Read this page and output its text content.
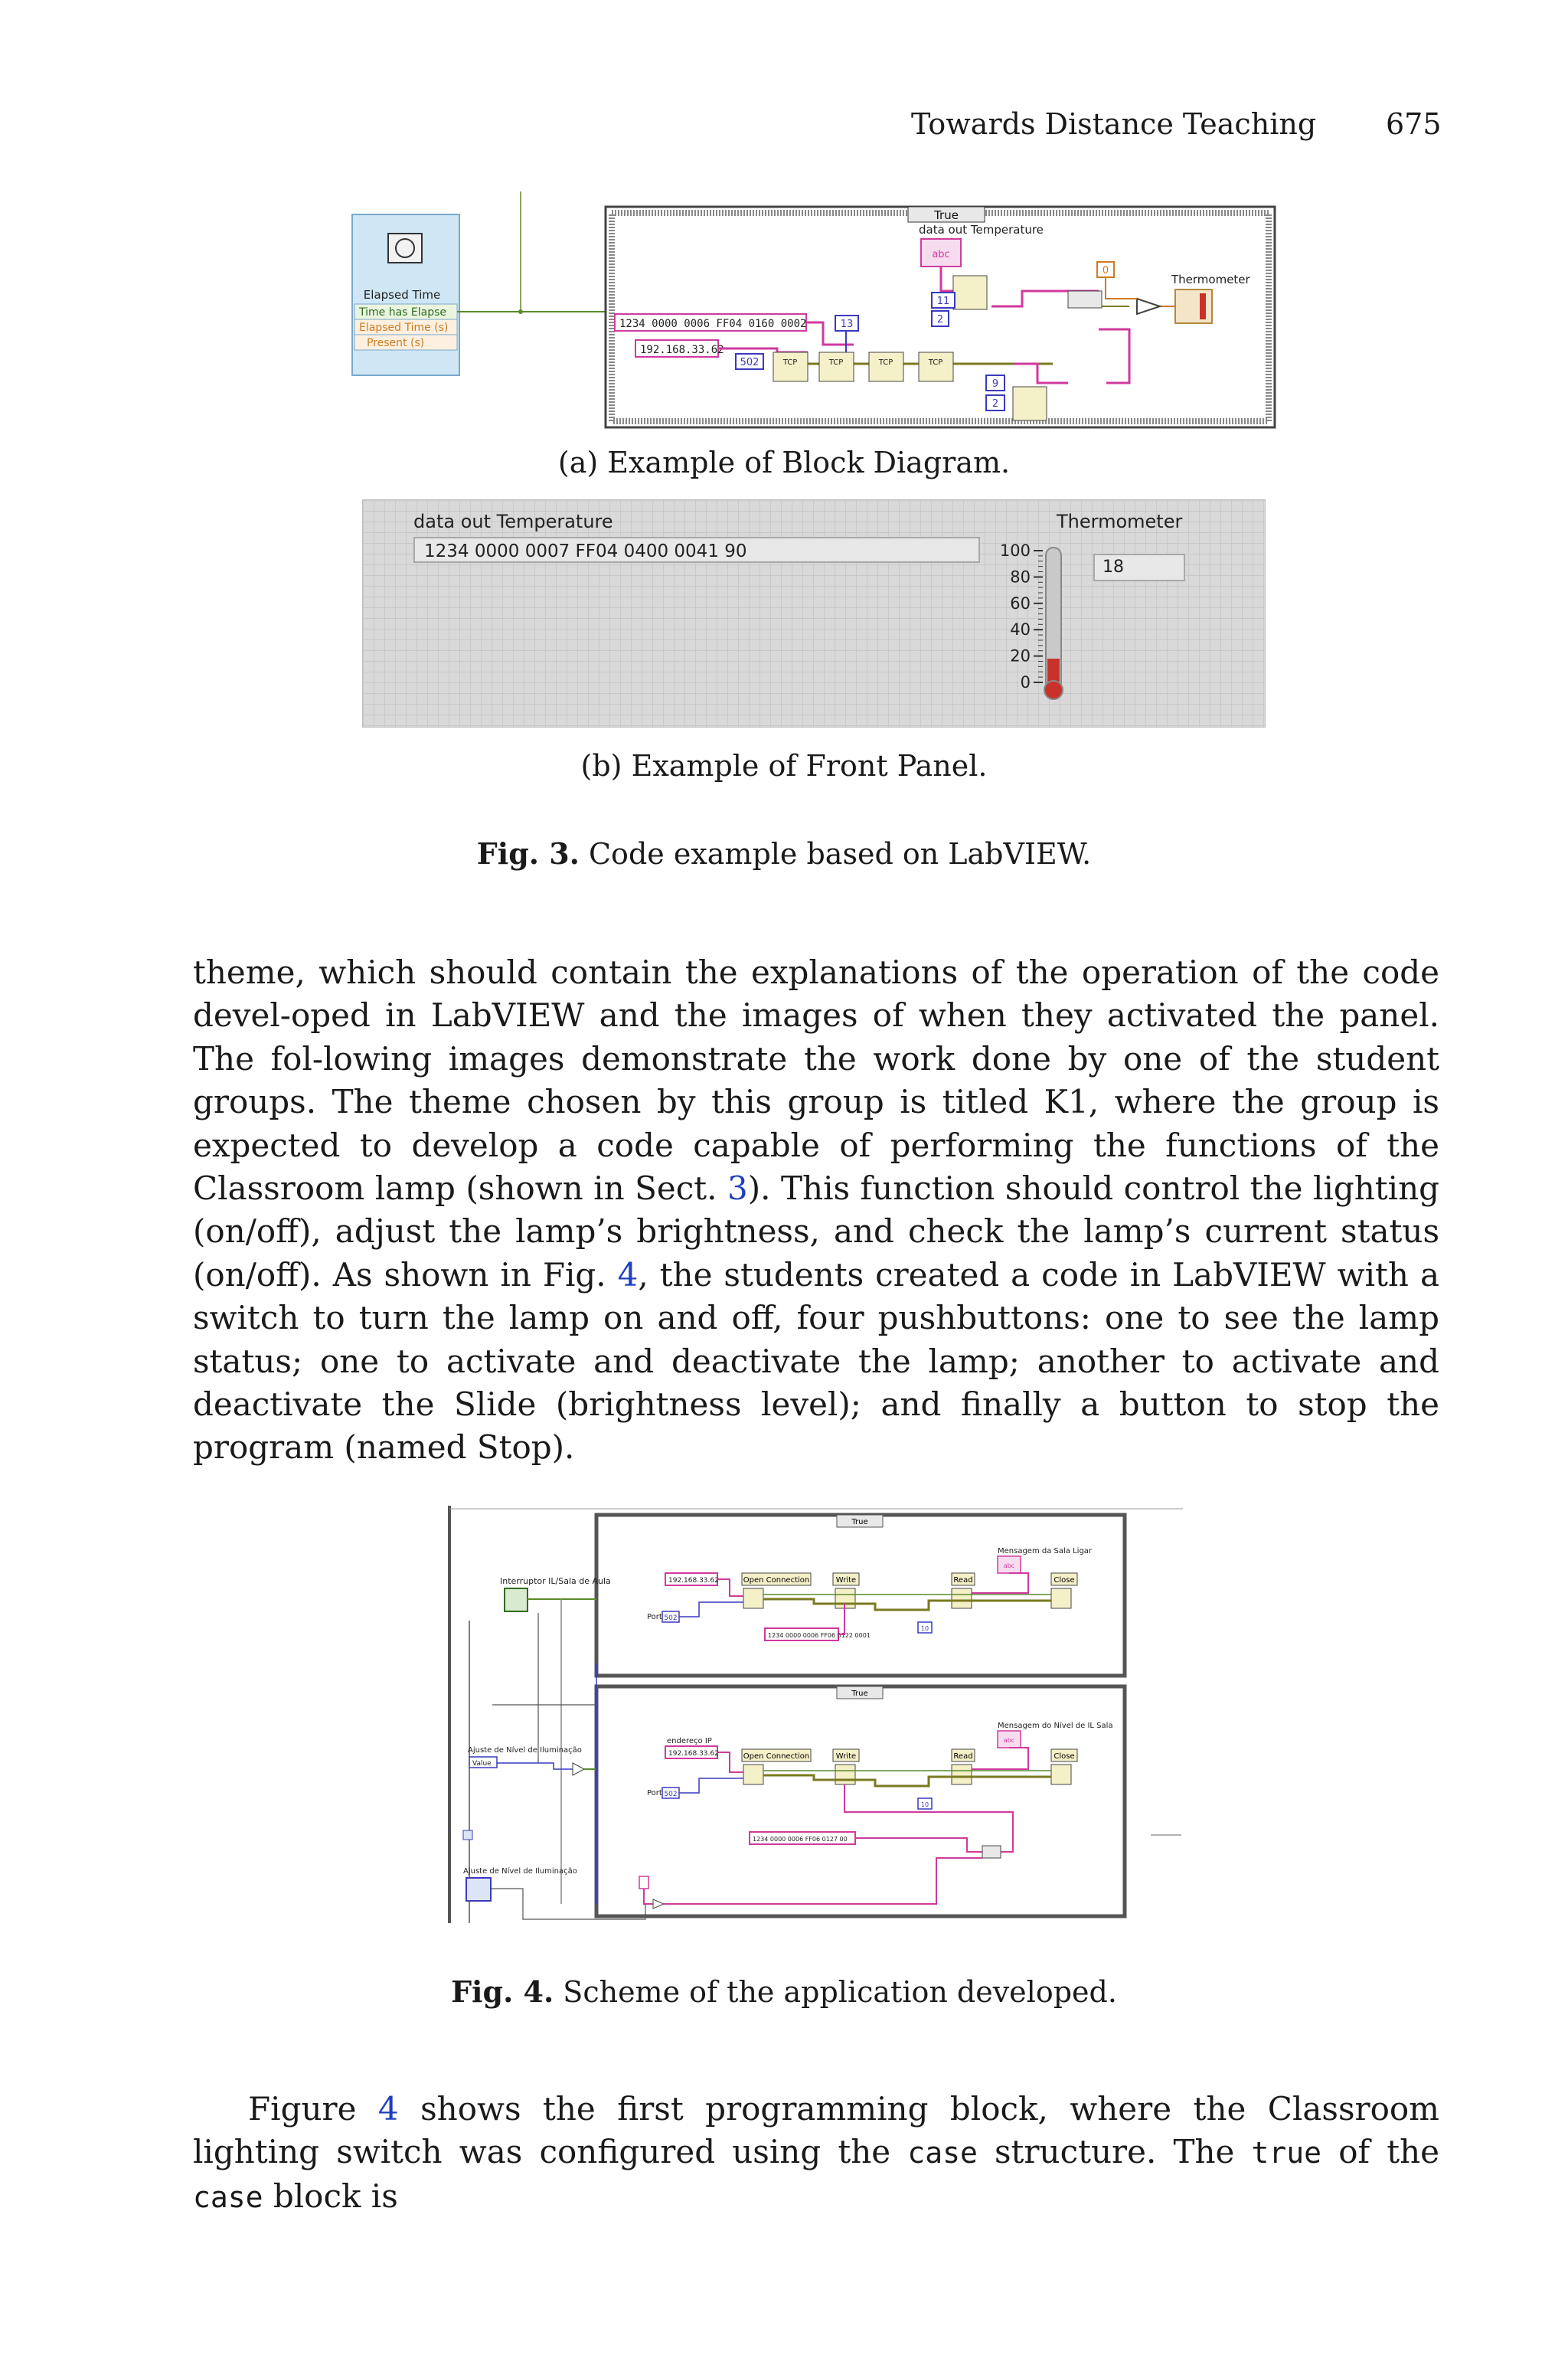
Towards Distance Teaching 675
Elapsed Time
Time has Elapse
Elapsed Time (s)
Present (s)
True
data out Temperature
abc
Thermometer
1234 0000 0006 FF04 0160 0002
192.168.33.62
502
13
TCP	TCP	TCP	TCP
11
2
9
2
0
(a) Example of Block Diagram.
data out Temperature
1234 0000 0007 FF04 0400 0041 90
Thermometer
18
100
80
60
40
20
0
(b) Example of Front Panel.
Fig. 3. Code example based on LabVIEW.

theme, which should contain the explanations of the operation of the code devel-oped in LabVIEW and the images of when they activated the panel. The fol-lowing images demonstrate the work done by one of the student groups. The theme chosen by this group is titled K1, where the group is expected to develop a code capable of performing the functions of the Classroom lamp (shown in Sect. 3). This function should control the lighting (on/off), adjust the lamp’s brightness, and check the lamp’s current status (on/off). As shown in Fig. 4, the students created a code in LabVIEW with a switch to turn the lamp on and off, four pushbuttons: one to see the lamp status; one to activate and deactivate the lamp; another to activate and deactivate the Slide (brightness level); and finally a button to stop the program (named Stop).

True
Interruptor IL/Sala de Aula	192.168.33.62
Port 502
Open Connection	Write	Read	Close
Mensagem da Sala Ligar
abc
1234 0000 0006 FF06 0122 0001
10
True
Ajuste de Nível de Iluminação
Value
endereço IP
192.168.33.62
Port 502
Open Connection	Write	Read	Close
Mensagem do Nível de IL Sala
abc
1234 0000 0006 FF06 0127 00
10
Ajuste de Nível de Iluminação
Fig. 4. Scheme of the application developed.

Figure 4 shows the first programming block, where the Classroom lighting switch was configured using the case structure. The true of the case block is
